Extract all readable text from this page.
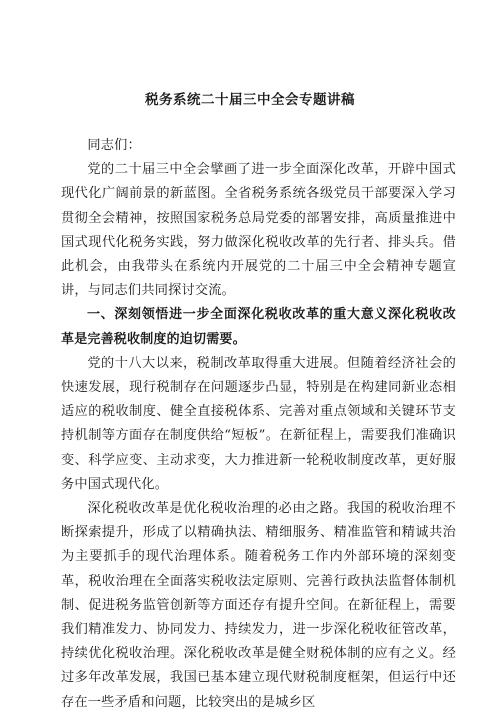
税务系统二十届三中全会专题讲稿

同志们：

党的二十届三中全会擘画了进一步全面深化改革，开辟中国式现代化广阔前景的新蓝图。全省税务系统各级党员干部要深入学习贯彻全会精神，按照国家税务总局党委的部署安排，高质量推进中国式现代化税务实践，努力做深化税收改革的先行者、排头兵。借此机会，由我带头在系统内开展党的二十届三中全会精神专题宣讲，与同志们共同探讨交流。

一、深刻领悟进一步全面深化税收改革的重大意义深化税收改革是完善税收制度的迫切需要。

党的十八大以来，税制改革取得重大进展。但随着经济社会的快速发展，现行税制存在问题逐步凸显，特别是在构建同新业态相适应的税收制度、健全直接税体系、完善对重点领域和关键环节支持机制等方面存在制度供给“短板”。在新征程上，需要我们准确识变、科学应变、主动求变，大力推进新一轮税收制度改革，更好服务中国式现代化。

深化税收改革是优化税收治理的必由之路。我国的税收治理不断探索提升，形成了以精确执法、精细服务、精准监管和精诚共治为主要抓手的现代治理体系。随着税务工作内外部环境的深刻变革，税收治理在全面落实税收法定原则、完善行政执法监督体制机制、促进税务监管创新等方面还存有提升空间。在新征程上，需要我们精准发力、协同发力、持续发力，进一步深化税收征管改革，持续优化税收治理。深化税收改革是健全财税体制的应有之义。经过多年改革发展，我国已基本建立现代财税制度框架，但运行中还存在一些矛盾和问题，比较突出的是城乡区
